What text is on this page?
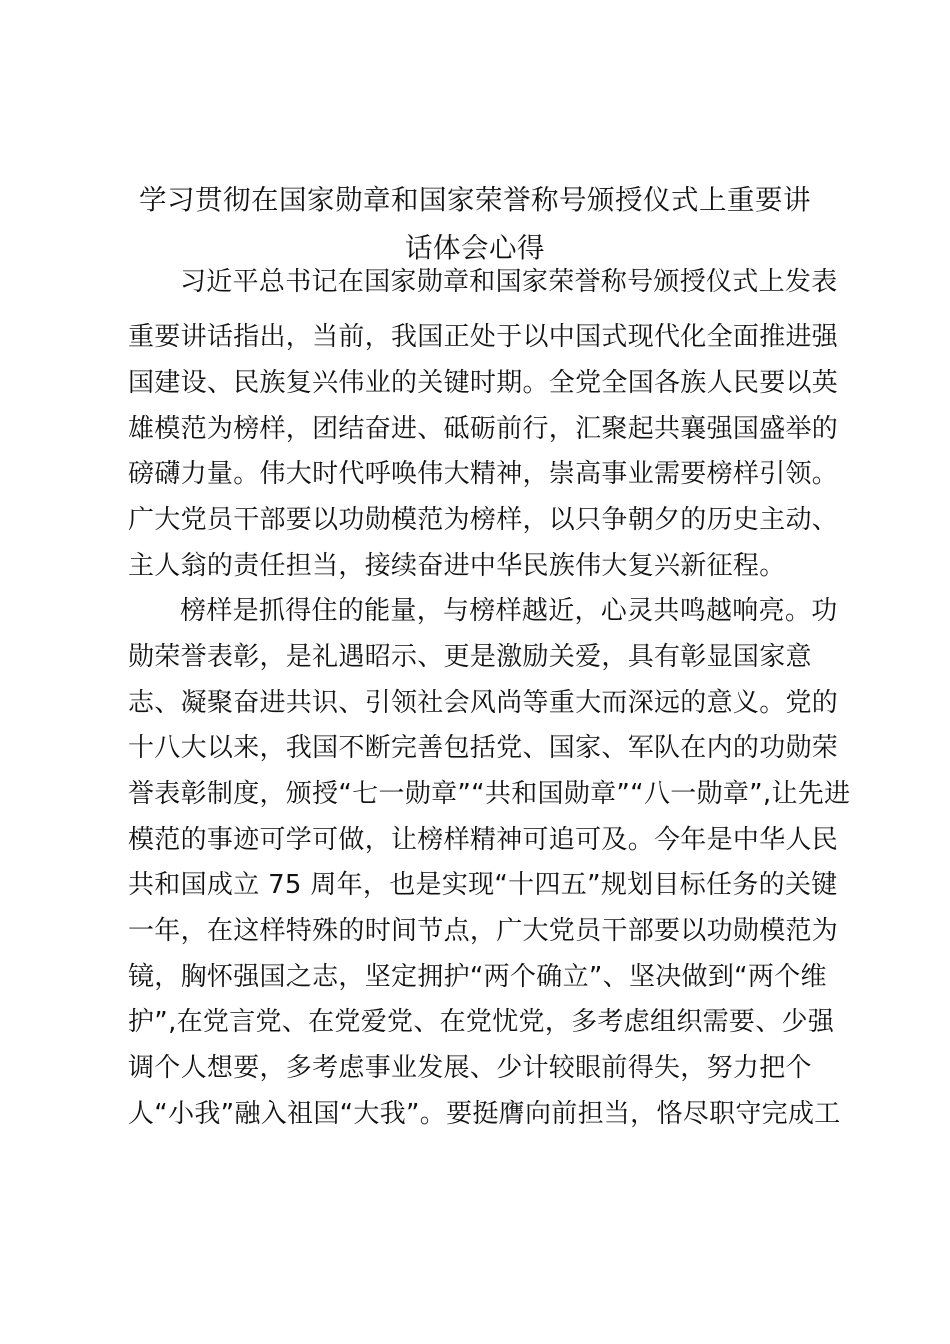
学习贯彻在国家勋章和国家荣誉称号颁授仪式上重要讲
话体会心得

习近平总书记在国家勋章和国家荣誉称号颁授仪式上发表

重要讲话指出，当前，我国正处于以中国式现代化全面推进强

国建设、民族复兴伟业的关键时期。全党全国各族人民要以英

雄模范为榜样，团结奋进、砥砺前行，汇聚起共襄强国盛举的

磅礴力量。伟大时代呼唤伟大精神，崇高事业需要榜样引领。

广大党员干部要以功勋模范为榜样，以只争朝夕的历史主动、

主人翁的责任担当，接续奋进中华民族伟大复兴新征程。

榜样是抓得住的能量，与榜样越近，心灵共鸣越响亮。功

勋荣誉表彰，是礼遇昭示、更是激励关爱，具有彰显国家意

志、凝聚奋进共识、引领社会风尚等重大而深远的意义。党的

十八大以来，我国不断完善包括党、国家、军队在内的功勋荣

誉表彰制度，颁授“七一勋章”“共和国勋章”“八一勋章”,让先进

模范的事迹可学可做，让榜样精神可追可及。今年是中华人民

共和国成立 75 周年，也是实现“十四五”规划目标任务的关键

一年，在这样特殊的时间节点，广大党员干部要以功勋模范为

镜，胸怀强国之志，坚定拥护“两个确立”、坚决做到“两个维

护”,在党言党、在党爱党、在党忧党，多考虑组织需要、少强

调个人想要，多考虑事业发展、少计较眼前得失，努力把个

人“小我”融入祖国“大我”。要挺膺向前担当，恪尽职守完成工
